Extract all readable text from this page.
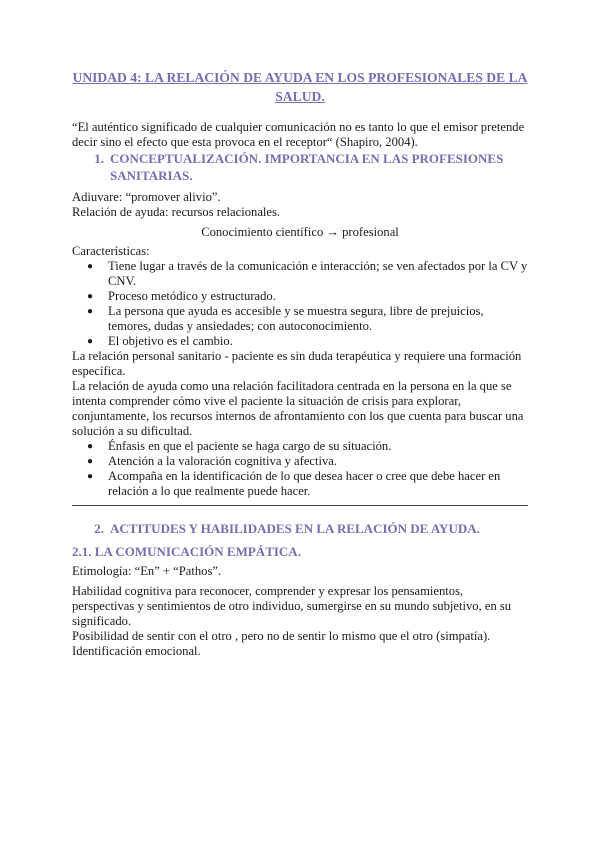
UNIDAD 4: LA RELACIÓN DE AYUDA EN LOS PROFESIONALES DE LA SALUD.

“El auténtico significado de cualquier comunicación no es tanto lo que el emisor pretende decir sino el efecto que esta provoca en el receptor“ (Shapiro, 2004).

1. CONCEPTUALIZACIÓN. IMPORTANCIA EN LAS PROFESIONES SANITARIAS.

Adiuvare: “promover alivio”.

Relación de ayuda: recursos relacionales.

Conocimiento científico → profesional

Características:

●	Tiene lugar a través de la comunicación e interacción; se ven afectados por la CV y CNV.
●	Proceso metódico y estructurado.
●	La persona que ayuda es accesible y se muestra segura, libre de prejuicios, temores, dudas y ansiedades; con autoconocimiento.
●	El objetivo es el cambio.

La relación personal sanitario - paciente es sin duda terapéutica y requiere una formación específica.

La relación de ayuda como una relación facilitadora centrada en la persona en la que se intenta comprender cómo vive el paciente la situación de crisis para explorar, conjuntamente, los recursos internos de afrontamiento con los que cuenta para buscar una solución a su dificultad.

●	Énfasis en que el paciente se haga cargo de su situación.
●	Atención a la valoración cognitiva y afectiva.
●	Acompaña en la identificación de lo que desea hacer o cree que debe hacer en relación a lo que realmente puede hacer.
2. ACTITUDES Y HABILIDADES EN LA RELACIÓN DE AYUDA.
2.1. LA COMUNICACIÓN EMPÁTICA.

Etimología: “En” + “Pathos”.

Habilidad cognitiva para reconocer, comprender y expresar los pensamientos, perspectivas y sentimientos de otro individuo, sumergirse en su mundo subjetivo, en su significado.

Posibilidad de sentir con el otro , pero no de sentir lo mismo que el otro (simpatía).

Identificación emocional.
